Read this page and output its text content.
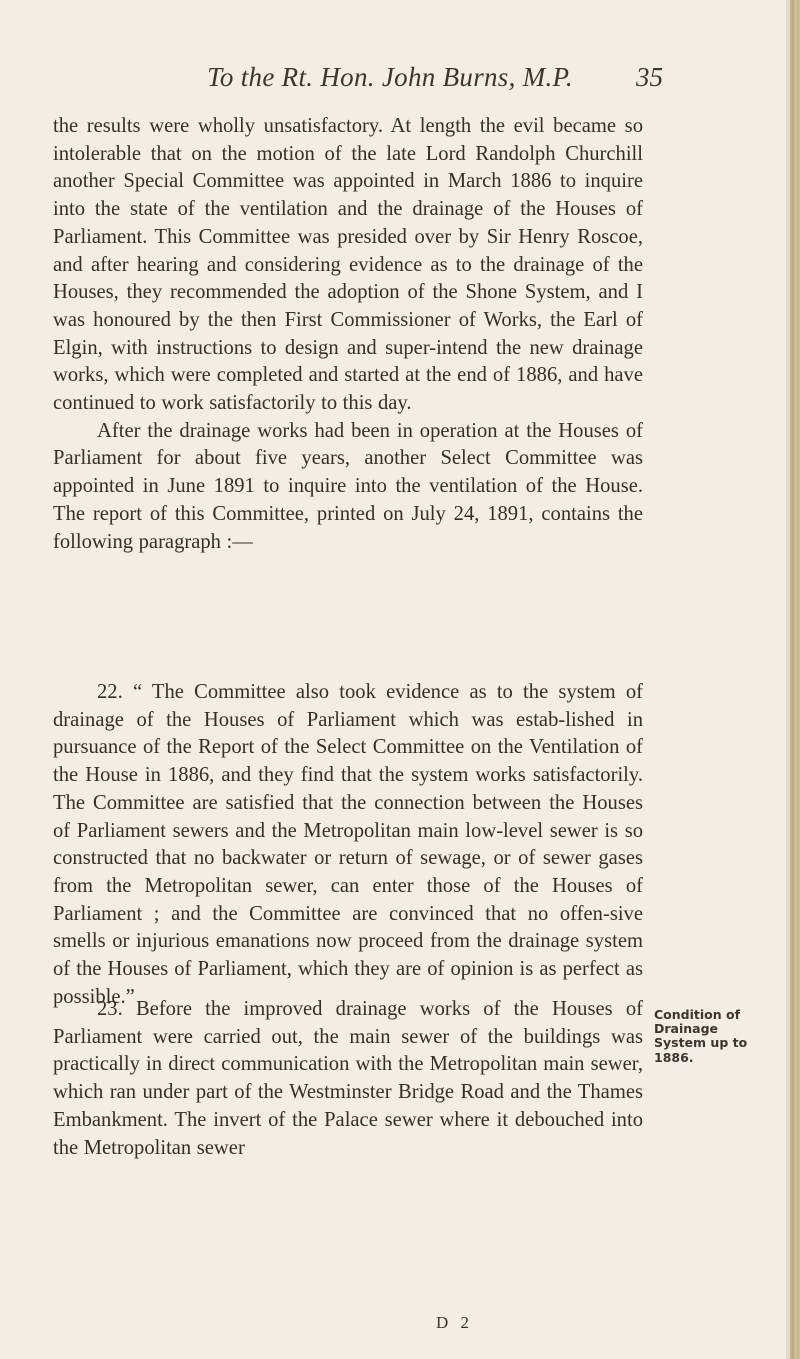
To the Rt. Hon. John Burns, M.P.	35

the results were wholly unsatisfactory. At length the evil became so intolerable that on the motion of the late Lord Randolph Churchill another Special Committee was appointed in March 1886 to inquire into the state of the ventilation and the drainage of the Houses of Parliament. This Committee was presided over by Sir Henry Roscoe, and after hearing and considering evidence as to the drainage of the Houses, they recommended the adoption of the Shone System, and I was honoured by the then First Commissioner of Works, the Earl of Elgin, with instructions to design and super-intend the new drainage works, which were completed and started at the end of 1886, and have continued to work satisfactorily to this day.

After the drainage works had been in operation at the Houses of Parliament for about five years, another Select Committee was appointed in June 1891 to inquire into the ventilation of the House. The report of this Committee, printed on July 24, 1891, contains the following paragraph :—

22. “ The Committee also took evidence as to the system of drainage of the Houses of Parliament which was estab-lished in pursuance of the Report of the Select Committee on the Ventilation of the House in 1886, and they find that the system works satisfactorily. The Committee are satisfied that the connection between the Houses of Parliament sewers and the Metropolitan main low-level sewer is so constructed that no backwater or return of sewage, or of sewer gases from the Metropolitan sewer, can enter those of the Houses of Parliament ; and the Committee are convinced that no offen-sive smells or injurious emanations now proceed from the drainage system of the Houses of Parliament, which they are of opinion is as perfect as possible.”

23. Before the improved drainage works of the Houses of Parliament were carried out, the main sewer of the buildings was practically in direct communication with the Metropolitan main sewer, which ran under part of the Westminster Bridge Road and the Thames Embankment. The invert of the Palace sewer where it debouched into the Metropolitan sewer

Condition of
Drainage
System up to
1886.
D 2
